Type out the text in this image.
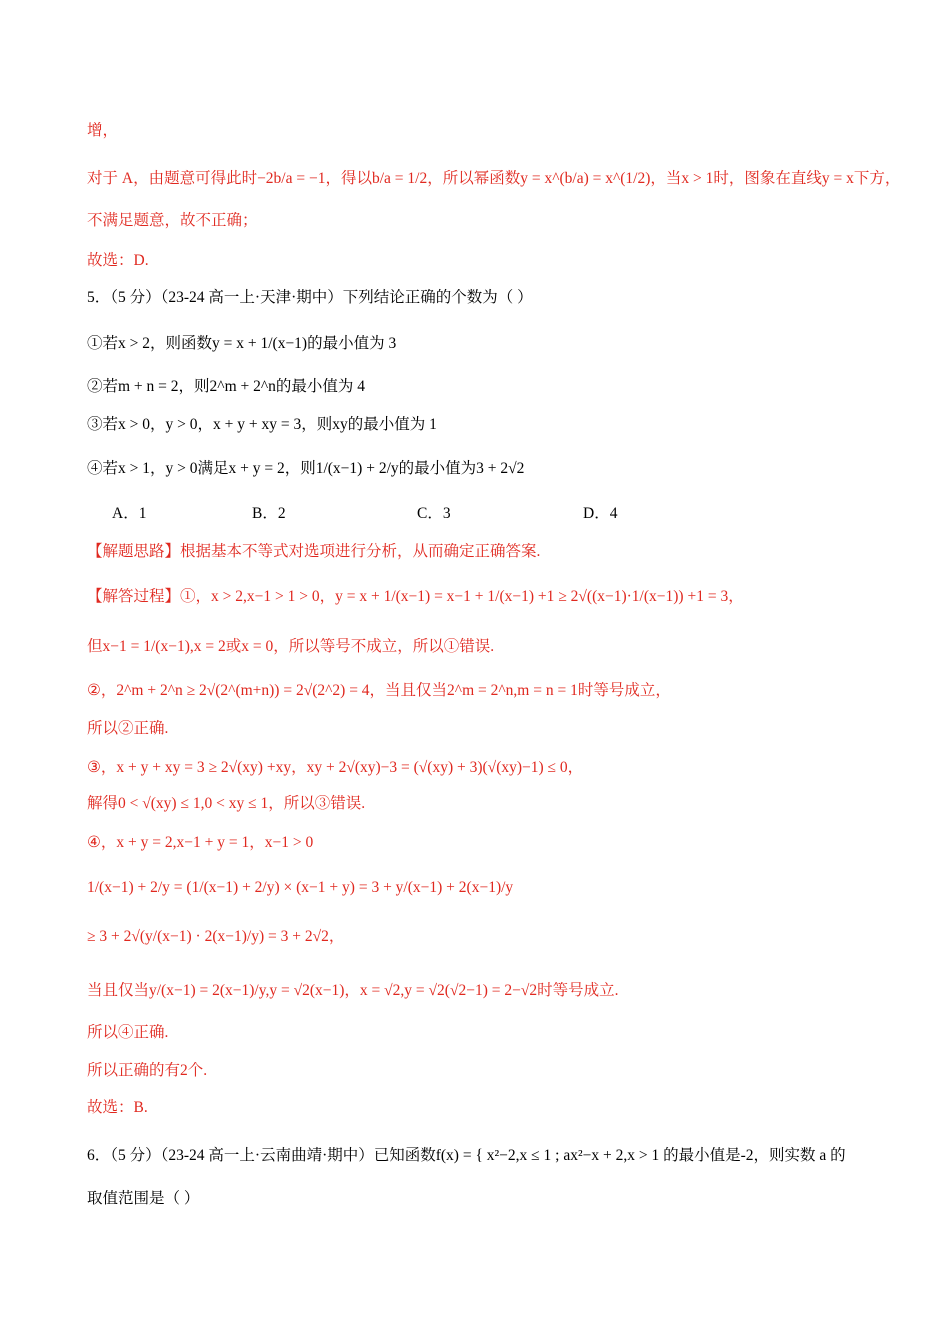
增，
对于 A，由题意可得此时−2b/a = −1，得以b/a = 1/2，所以幂函数y = x^(b/a) = x^(1/2)，当x > 1时，图象在直线y = x下方，
不满足题意，故不正确；
故选：D.
5．（5 分）（23-24 高一上·天津·期中）下列结论正确的个数为（ ）
①若x > 2，则函数y = x + 1/(x−1)的最小值为 3
②若m + n = 2，则2^m + 2^n的最小值为 4
③若x > 0，y > 0，x + y + xy = 3，则xy的最小值为 1
④若x > 1，y > 0满足x + y = 2，则1/(x−1) + 2/y的最小值为3 + 2√2
【解题思路】根据基本不等式对选项进行分析，从而确定正确答案.
【解答过程】①，x > 2,x−1 > 1 > 0，y = x + 1/(x−1) = x−1 + 1/(x−1) +1 ≥ 2√((x−1)·1/(x−1)) +1 = 3，
但x−1 = 1/(x−1),x = 2或x = 0，所以等号不成立，所以①错误.
②，2^m + 2^n ≥ 2√(2^(m+n)) = 2√(2^2) = 4，当且仅当2^m = 2^n,m = n = 1时等号成立，
所以②正确.
③，x + y + xy = 3 ≥ 2√(xy) +xy，xy + 2√(xy)−3 = (√(xy) + 3)(√(xy)−1) ≤ 0，
解得0 < √(xy) ≤ 1,0 < xy ≤ 1，所以③错误.
④，x + y = 2,x−1 + y = 1，x−1 > 0
1/(x−1) + 2/y = (1/(x−1) + 2/y) × (x−1 + y) = 3 + y/(x−1) + 2(x−1)/y
≥ 3 + 2√(y/(x−1) · 2(x−1)/y) = 3 + 2√2，
当且仅当y/(x−1) = 2(x−1)/y,y = √2(x−1)，x = √2,y = √2(√2−1) = 2−√2时等号成立.
所以④正确.
所以正确的有2个.
故选：B.
6．（5 分）（23-24 高一上·云南曲靖·期中）已知函数f(x) = { x²−2,x ≤ 1 ; ax²−x + 2,x > 1 的最小值是-2，则实数 a 的
取值范围是（ ）
A．1	B．2	C．3	D．4
